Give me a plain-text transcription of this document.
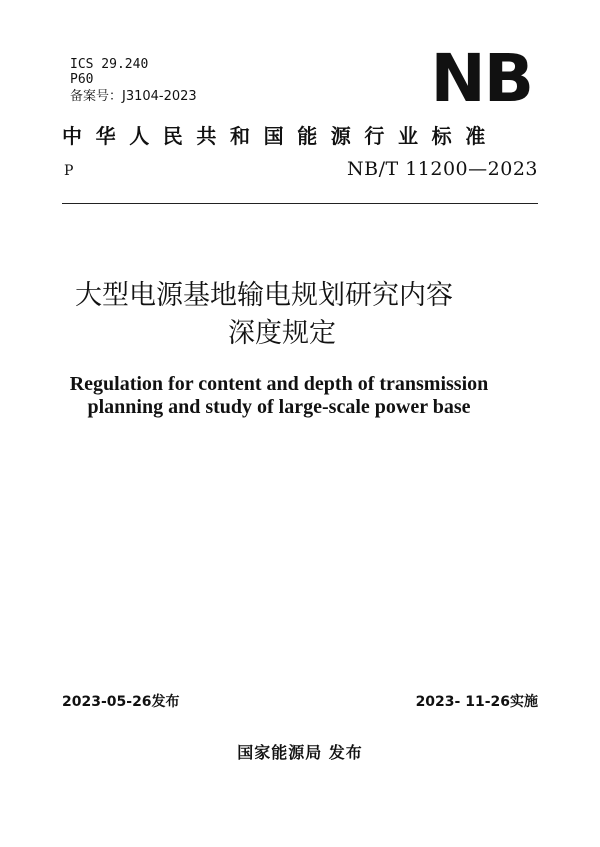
ICS 29.240
P60
备案号：J3104-2023	NB
中华人民共和国能源行业标准
P	NB/T 11200—2023
大型电源基地输电规划研究内容
深度规定
Regulation for content and depth of transmission
planning and study of large-scale power base
2023-05-26发布	2023- 11-26实施
国家能源局 发布
